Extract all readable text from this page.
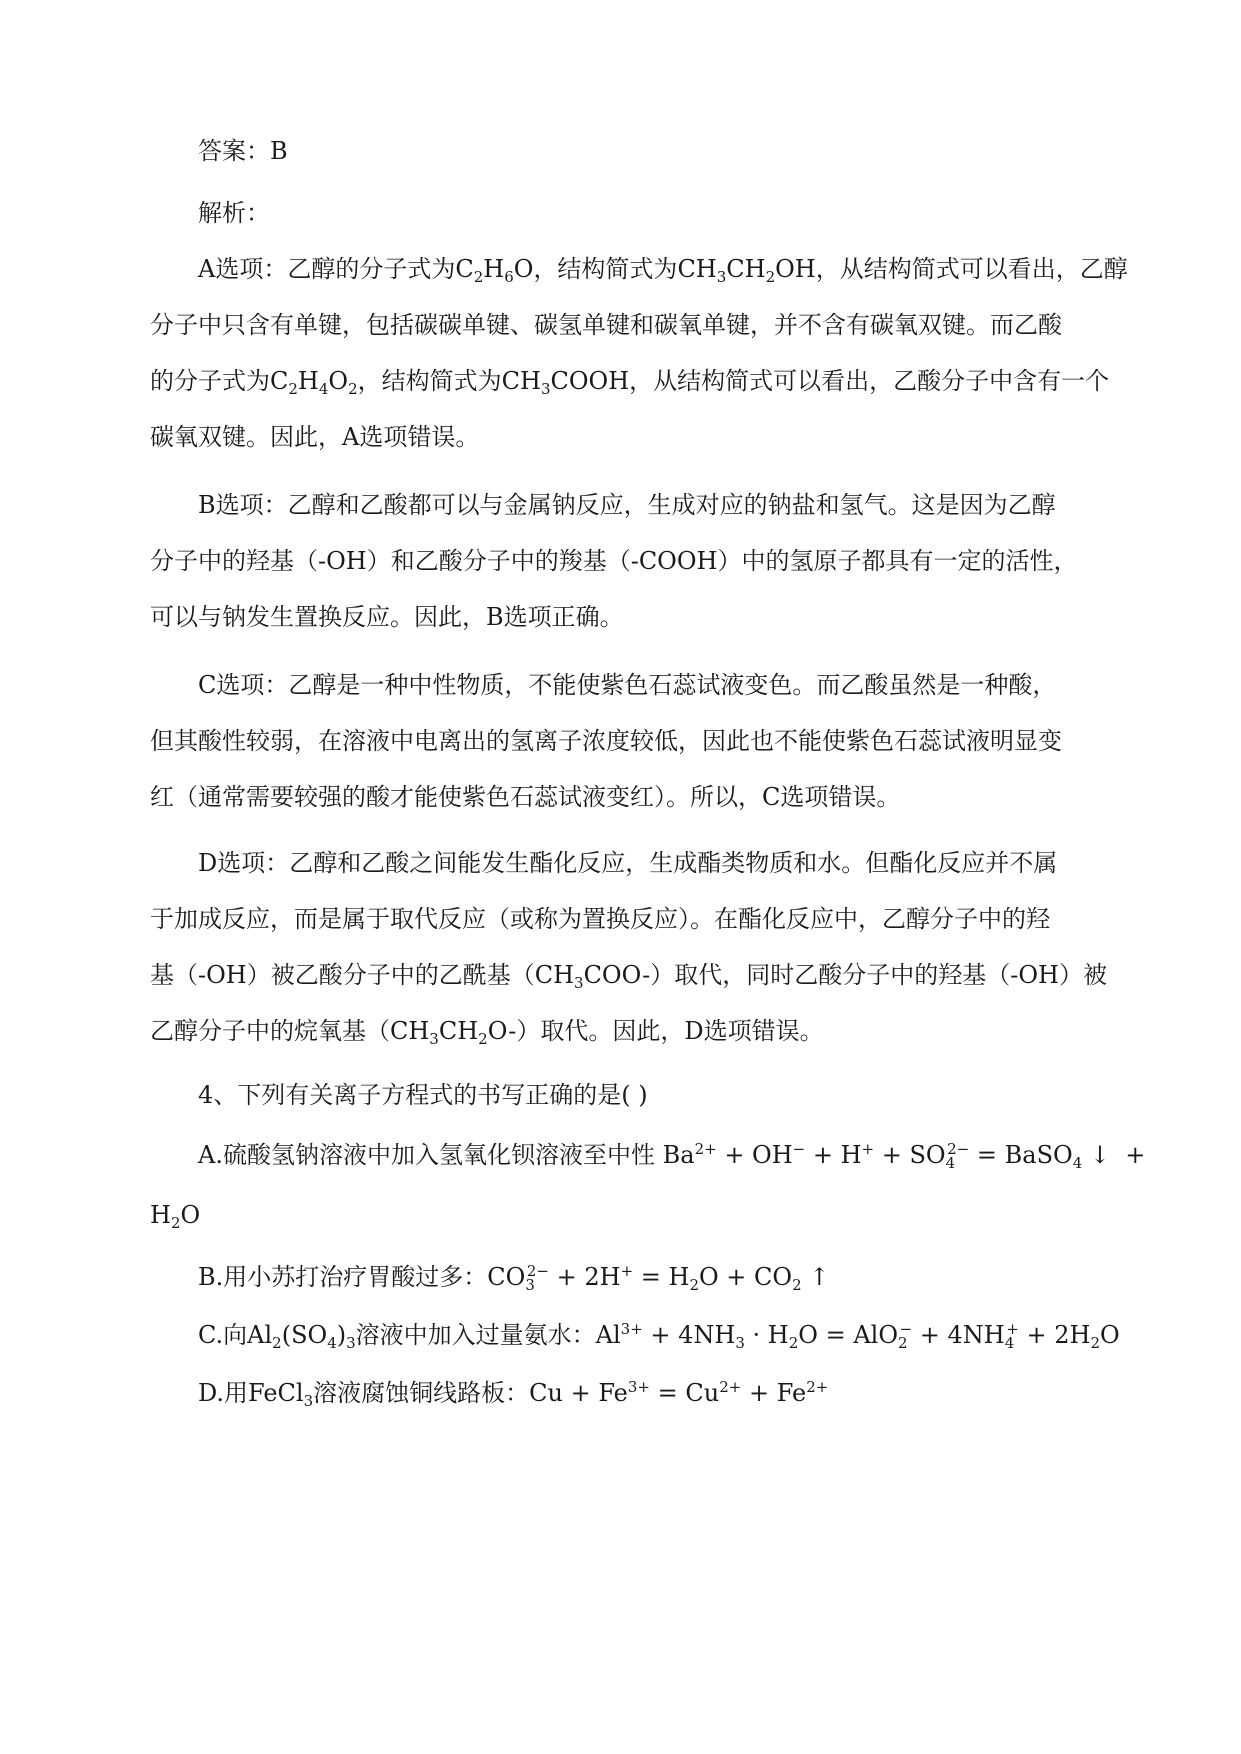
答案：B
解析：
A选项：乙醇的分子式为$C_2H_6O$，结构简式为$CH_3CH_2OH$，从结构简式可以看出，乙醇
分子中只含有单键，包括碳碳单键、碳氢单键和碳氧单键，并不含有碳氧双键。而乙酸
的分子式为$C_2H_4O_2$，结构简式为$CH_3COOH$，从结构简式可以看出，乙酸分子中含有一个
碳氧双键。因此，A选项错误。
B选项：乙醇和乙酸都可以与金属钠反应，生成对应的钠盐和氢气。这是因为乙醇
分子中的羟基（-OH）和乙酸分子中的羧基（-COOH）中的氢原子都具有一定的活性，
可以与钠发生置换反应。因此，B选项正确。
C选项：乙醇是一种中性物质，不能使紫色石蕊试液变色。而乙酸虽然是一种酸，
但其酸性较弱，在溶液中电离出的氢离子浓度较低，因此也不能使紫色石蕊试液明显变
红（通常需要较强的酸才能使紫色石蕊试液变红）。所以，C选项错误。
D选项：乙醇和乙酸之间能发生酯化反应，生成酯类物质和水。但酯化反应并不属
于加成反应，而是属于取代反应（或称为置换反应）。在酯化反应中，乙醇分子中的羟
基（-OH）被乙酸分子中的乙酰基$(CH_3COO-)$取代，同时乙酸分子中的羟基（-OH）被
乙醇分子中的烷氧基$(CH_3CH_2O-)$取代。因此，D选项错误。
4、下列有关离子方程式的书写正确的是( )
A.硫酸氢钠溶液中加入氢氧化钡溶液至中性 $Ba^{2+} + OH^- + H^+ + SO_4^{2-}$ = BaSO$_4$ ↓  +
$H_2O$
B.用小苏打治疗胃酸过多：$CO_3^{2-} + 2H^+ = H_2O + CO_2$ ↑
C.向$Al_2(SO_4)_3$溶液中加入过量氨水：$Al^{3+} + 4NH_3 \cdot H_2O = AlO_2^- + 4NH_4^+ + 2H_2O$
D.用FeCl$_3$溶液腐蚀铜线路板：$Cu + Fe^{3+} = Cu^{2+} + Fe^{2+}$
